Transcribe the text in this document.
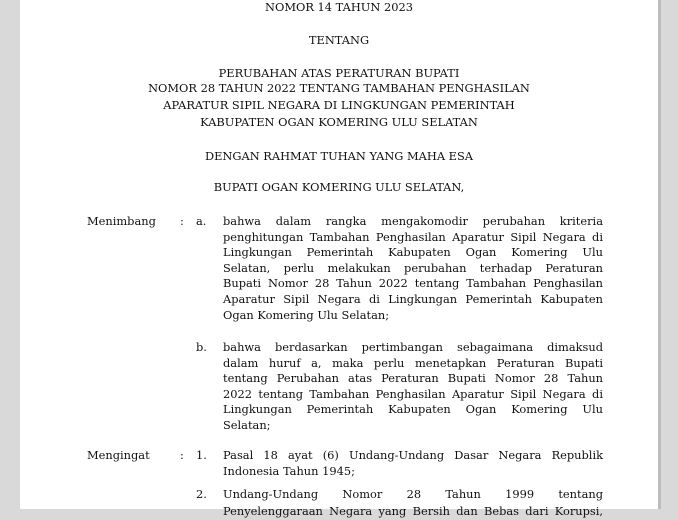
NOMOR 14 TAHUN 2023
TENTANG
PERUBAHAN ATAS PERATURAN BUPATI
NOMOR 28 TAHUN 2022 TENTANG TAMBAHAN PENGHASILAN
APARATUR SIPIL NEGARA DI LINGKUNGAN PEMERINTAH
KABUPATEN OGAN KOMERING ULU SELATAN
DENGAN RAHMAT TUHAN YANG MAHA ESA
BUPATI OGAN KOMERING ULU SELATAN,
Menimbang : a. bahwa dalam rangka mengakomodir perubahan kriteria
penghitungan Tambahan Penghasilan Aparatur Sipil Negara di
Lingkungan Pemerintah Kabupaten Ogan Komering Ulu
Selatan, perlu melakukan perubahan terhadap Peraturan
Bupati Nomor 28 Tahun 2022 tentang Tambahan Penghasilan
Aparatur Sipil Negara di Lingkungan Pemerintah Kabupaten
Ogan Komering Ulu Selatan;
b. bahwa berdasarkan pertimbangan sebagaimana dimaksud
dalam huruf a, maka perlu menetapkan Peraturan Bupati
tentang Perubahan atas Peraturan Bupati Nomor 28 Tahun
2022 tentang Tambahan Penghasilan Aparatur Sipil Negara di
Lingkungan Pemerintah Kabupaten Ogan Komering Ulu
Selatan;
Mengingat	: 1. Pasal 18 ayat (6) Undang-Undang Dasar Negara Republik
Indonesia Tahun 1945;
2. Undang-Undang Nomor 28 Tahun 1999 tentang
Penyelenggaraan Negara yang Bersih dan Bebas dari Korupsi,
